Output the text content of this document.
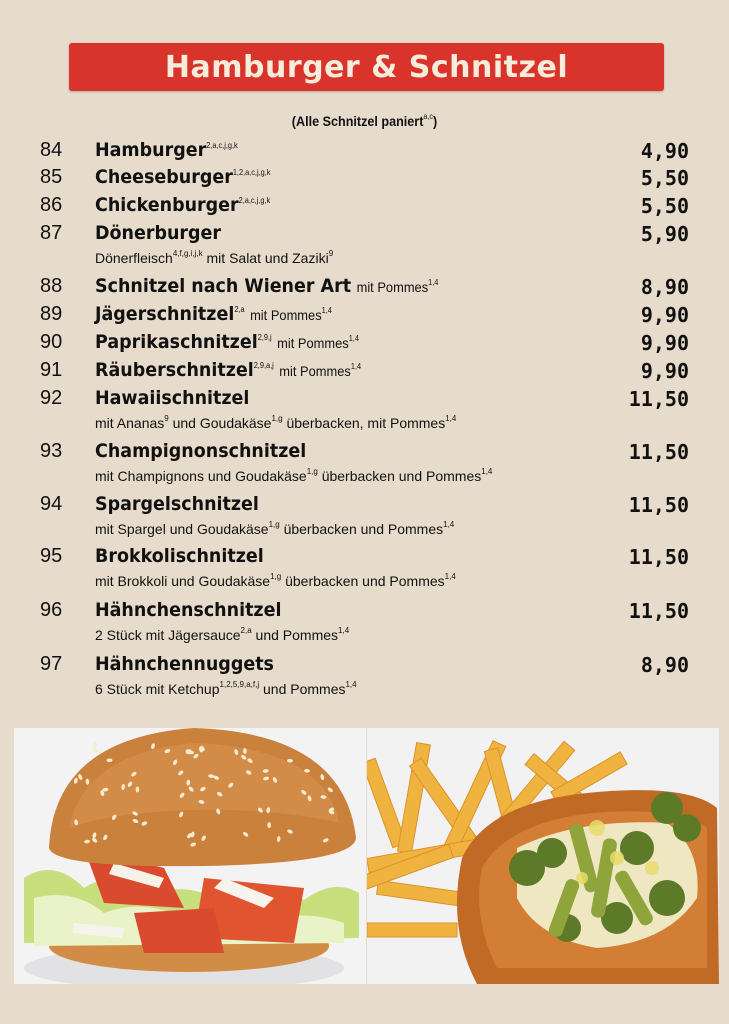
Hamburger & Schnitzel
(Alle Schnitzel paniert$^{a,c}$)
84 Hamburger$^{2,a,c,j,g,k}$	4,90
85 Cheeseburger$^{1,2,a,c,j,g,k}$	5,50
86 Chickenburger$^{2,a,c,j,g,k}$	5,50
87 Dönerburger	5,90
Dönerfleisch$^{4,f,g,i,j,k}$ mit Salat und Zaziki$^9$
88 Schnitzel nach Wiener Art mit Pommes$^{1,4}$	8,90
89 Jägerschnitzel$^{2,a}$ mit Pommes$^{1,4}$	9,90
90 Paprikaschnitzel$^{2,9,j}$ mit Pommes$^{1,4}$	9,90
91 Räuberschnitzel$^{2,9,a,j}$ mit Pommes$^{1,4}$	9,90
92 Hawaiischnitzel	11,50
mit Ananas$^9$ und Goudakäse$^{1,g}$ überbacken, mit Pommes$^{1,4}$
93 Champignonschnitzel	11,50
mit Champignons und Goudakäse$^{1,g}$ überbacken und Pommes$^{1,4}$
94 Spargelschnitzel	11,50
mit Spargel und Goudakäse$^{1,g}$ überbacken und Pommes$^{1,4}$
95 Brokkolischnitzel	11,50
mit Brokkoli und Goudakäse$^{1,g}$ überbacken und Pommes$^{1,4}$
96 Hähnchenschnitzel	11,50
2 Stück mit Jägersauce$^{2,a}$ und Pommes$^{1,4}$
97 Hähnchennuggets	8,90
6 Stück mit Ketchup$^{1,2,5,9,a,f,j}$ und Pommes$^{1,4}$
